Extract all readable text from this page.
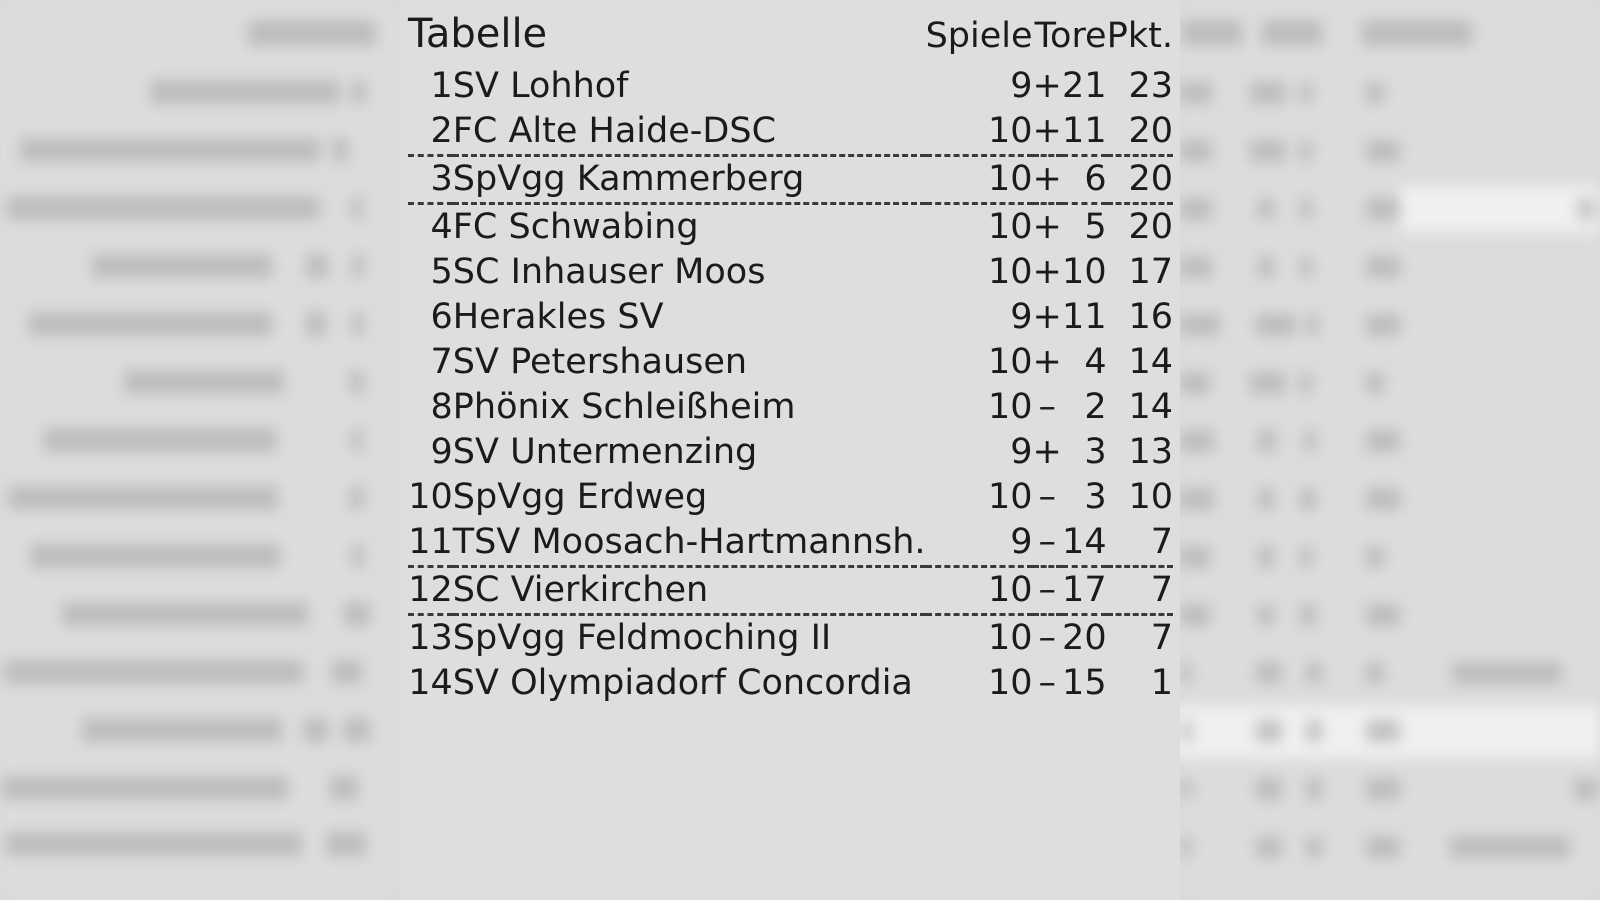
Tabelle		Spiele	Tore		Pkt.
1	SV Lohhof	9	+	21	23
2	FC Alte Haide-DSC	10	+	11	20
3	SpVgg Kammerberg	10	+	6	20
4	FC Schwabing	10	+	5	20
5	SC Inhauser Moos	10	+	10	17
6	Herakles SV	9	+	11	16
7	SV Petershausen	10	+	4	14
8	Phönix Schleißheim	10	–	2	14
9	SV Untermenzing	9	+	3	13
10	SpVgg Erdweg	10	–	3	10
11	TSV Moosach-Hartmannsh.	9	–	14	7
12	SC Vierkirchen	10	–	17	7
13	SpVgg Feldmoching II	10	–	20	7
14	SV Olympiadorf Concordia	10	–	15	1
